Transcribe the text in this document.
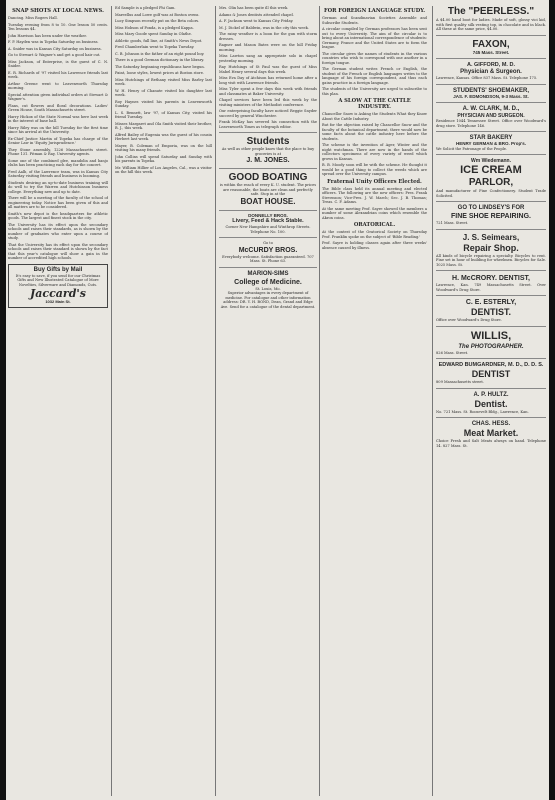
SNAP SHOTS AT LOCAL NEWS.
Dancing. Miss Rogers Hall.
Tuesday evening from 8 to 10. One lesson 50 cents. Ten lessons $4.
John Harrison has been under the weather.
F. P. Hayden was in Topeka Saturday on business.
A. Snider was in Kansas City Saturday on business.
Go to Stewart & Wagner's and get a good hair cut.
Miss Jackson, of Enterprise, is the guest of C. N. Snider.
E. R. Richards of '97 visited his Lawrence friends last week.
Arthur Greene went to Leavenworth Thursday morning.
Special attention given individual orders at Stewart & Wagner's.
Plans, cut flowers and floral decorations. Ladies' Green House, South Massachusetts street.
Harry Hickox of the State Normal was here last week in the interest of base ball.
Harry Riley was on the hill Tuesday for the first time since his arrival at the University.
Ex-Chief Justice Martin of Topeka has charge of the Senior Law in 'Equity Jurisprudence.'
They Stone assembly, 1226 Massachusetts street. Phone 131. Pitman & Ray, University agents.
Some one of the combined glee, mandolin and banjo clubs has been practicing each day for the concert.
Fred Aalb, of the Lawrence team, was in Kansas City Saturday visiting friends and business is booming.
Students desiring an up-to-date business training will do well to try the Warren and Hutchinson business college. Everything new and up to date.
There will be a meeting of the faculty of the school of engineering today. Notice has been given of this and all matters are to be considered.
Smith's new depot is the headquarters for athletic goods. The largest and finest stock in the city.
The University has its effect upon the secondary schools and raises their standards, as is shown by the number of graduates who enter upon a course of study.
That the University has its effect upon the secondary schools and raises their standard is shown by the fact that this year's catalogue will show a gain in the number of accredited high schools.
Buy Gifts by Mail
It's easy to save, if you send for our Christmas Gifts and New Illustrated Catalogue of More Novelties, Silverware and Diamonds, Cuts.
Jaccard's
1032 Main St.
Ed Sample is a pledged Phi Gam.
Mareellus and Lowe golf was at Boston ovens.
Lucy Simpson recently put on the Beta colors.
Miss Hobson of Fonda, is a pledged Kappa.
Miss Mary Goode spent Sunday in Olathe.
Athletic goods, full line, at Smith's News Depot.
Fred Chamberlain went to Topeka Tuesday.
C. B. Johnson is the father of an eight pound boy.
There is a good German dictionary in the library.
The Saturday beginning republicans have begun.
Paint, loose styles, lowest prices at Boston store.
Miss Hutchings of Bethany visited Miss Barley last week.
W. H. Henry of Chanute visited his daughter last week.
Roy Haynes visited his parents in Leavenworth Sunday.
L. S. Bennett, law '97, of Kansas City, visited his friend Tuesday.
Misses Margaret and Ola Smith visited their brother, B. J., this week.
Alfred Bailey of Eugenia was the guest of his cousin Herbert last week.
Mayer, B. Coleman of Emporia, was on the hill visiting his many friends.
John Collins will spend Saturday and Sunday with his parents in Topeka.
Mr. William Hillier of Los Angeles, Cal., was a visitor on the hill this week.
Mrs. Olin has been quite ill this week.
Adams & Jones dentists attended chapel.
A. F. Jackson went to Kansas City Friday.
M. J. Dickel of Baldwin, was in the city this week.
The rainy weather is a boon for the gun with storm dresses.
Ragner and Mason Bates were on the hill Friday morning.
Miss Lawton sang an appropriate solo in chapel yesterday morning.
Ray Hutchings of St Paul was the guest of Miss Mabel Henry several days this week.
Miss Eva Day of Atchison has returned home after a long visit with Lawrence friends.
Miss Tyler spent a few days this week with friends and classmates at Baker University.
Chapel services have been led this week by the visiting ministers of the Methodist conference.
Our enterprising faculty have noticed Reggie Snyder succeed by general Winchester.
Frank McKay has severed his connection with the Leavenworth Times as telegraph editor.
Students
As well as other people know that the place to buy groceries is at
J. M. JONES.
GOOD BOATING
is within the reach of every K. U. student. The prices are reasonable, the boats are clean and perfectly safe. Stop in at the
BOAT HOUSE.
DONNELLY BROS.
Livery, Feed & Hack Stable.
Corner New Hampshire and Winthrop Streets. Telephone No. 100.
Go to
McCURDY BROS.
Everybody welcome. Satisfaction guaranteed. 707 Mass. St. Phone 63.
MARION-SIMS
College of Medicine.
St. Louis, Mo.
Superior advantages in every department of medicine. For catalogue and other information address: DR. Y. H. BOND, Dean, Grand and Edge Ave. Send for a catalogue of the dental department.
FOR FOREIGN LANGUAGE STUDY.
German and Scandinavian Societies Assemble and Subscribe Students.
A circular compiled by German professors has been sent out to every University. The aim of the circular is to bring about an international correspondence of students: Germany, France and the United States are to form the league.
The circular gives the names of students in the various countries who wish to correspond with one another in a foreign tongue.
The German student writes French or English, the student of the French or English languages writes to the language of his foreign correspondent, and thus each gains practice in a foreign language.
The students of the University are urged to subscribe to this plan.
A SLOW AT THE CATTLE INDUSTRY.
Chancellor Snow is Asking the Students What they Know About the Cattle Industry.
But for the objection raised by Chancellor Snow and the faculty of the botanical department, there would now be some facts about the cattle industry here before the students.
The scheme is the invention of Ager, Winter and the night watchman. There are now in the hands of the collectors specimens of every variety of weed which grows in Kansas.
B. B. Moody soon will be with the scheme. He thought it would be a good thing to collect the weeds which are spread over the University campus.
Fraternal Unity Officers Elected.
The Bible class held its annual meeting and elected officers. The following are the new officers: Pres. Frank Stevenson; Vice-Pres. J. W. March; Sec. J. B. Thomas; Treas. C. F. Adams.
At the same meeting Prof. Sayre showed the members a number of some Alexandrian coins which resemble the Akron coins.
ORATORICAL.
At the contest of the Oratorical Society on Thursday Prof. Franklin spoke on the subject of 'Bible Reading.'
Prof. Sayre is holding classes again after three weeks' absence caused by illness.
The "PEERLESS."
A $4.00 hand boot for ladies. Made of soft, glossy vici kid, with first quality silk vesting top, in chocolate and in black. All these at the same price, $4.00.
FAXON,
745 Mass. Street.
A. GIFFORD, M. D.
Physician & Surgeon.
Lawrence, Kansas. Office 837 Mass. St. Telephone 175.
STUDENTS' SHOEMAKER,
JAS. F. EDMONDSON, 9-3 Mass. St.
A. W. CLARK, M. D.,
PHYSICIAN AND SURGEON.
Residence 1044 Tennessee Street. Office over Woodward's drug store. Telephone 146.
STAR BAKERY
HENRY GERMAN & BRO. Prop's.
We Solicit the Patronage of the People.
Wm Wiedemann.
ICE CREAM
PARLOR,
And manufacturer of Fine Confectionery. Student Trade Solicited.
GO TO LINDSEY'S FOR
FINE SHOE REPAIRING.
721 Mass. Street.
J. S. Seimears,
Repair Shop.
All kinds of bicycle repairing a specialty. Bicycles to rent. Fine set in hour of building for wheelmen. Bicycles for Sale. 1025 Mass. St.
H. McCRORY. DENTIST,
Lawrence, Kan. 749 Massachusetts Street. Over Woodward's Drug Store.
C. E. ESTERLY,
DENTIST.
Office over Woodward's Drug Store.
WILLIS,
The PHOTOGRAPHER.
826 Mass. Street.
EDWARD BUMGARDNER, M. D., D. D. S.
DENTIST
809 Massachusetts street.
A. P. HULTZ.
Dentist.
No. 721 Mass. St. Roosevelt Bldg., Lawrence, Kan.
CHAS. HESS.
Meat Market.
Choice Fresh and Salt Meats always on hand. Telephone 14. 827 Mass. St.
